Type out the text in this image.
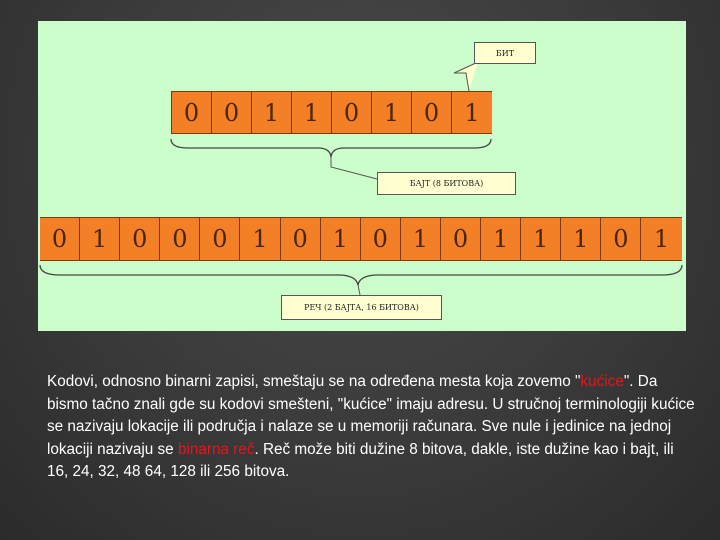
БИТ
0	0	1	1	0	1	0	1
БАЈТ (8 БИТОВА)
0	1	0	0	0	1	0	1	0	1	0	1	1	1	0	1
РЕЧ (2 БАЈТА, 16 БИТОВА)
Kodovi, odnosno binarni zapisi, smeštaju se na određena mesta koja zovemo "kućice". Da bismo tačno znali gde su kodovi smešteni, "kućice" imaju adresu. U stručnoj terminologiji kućice se nazivaju lokacije ili područja i nalaze se u memoriji računara. Sve nule i jedinice na jednoj lokaciji nazivaju se binarna reč. Reč može biti dužine 8 bitova, dakle, iste dužine kao i bajt, ili 16, 24, 32, 48 64, 128 ili 256 bitova.
